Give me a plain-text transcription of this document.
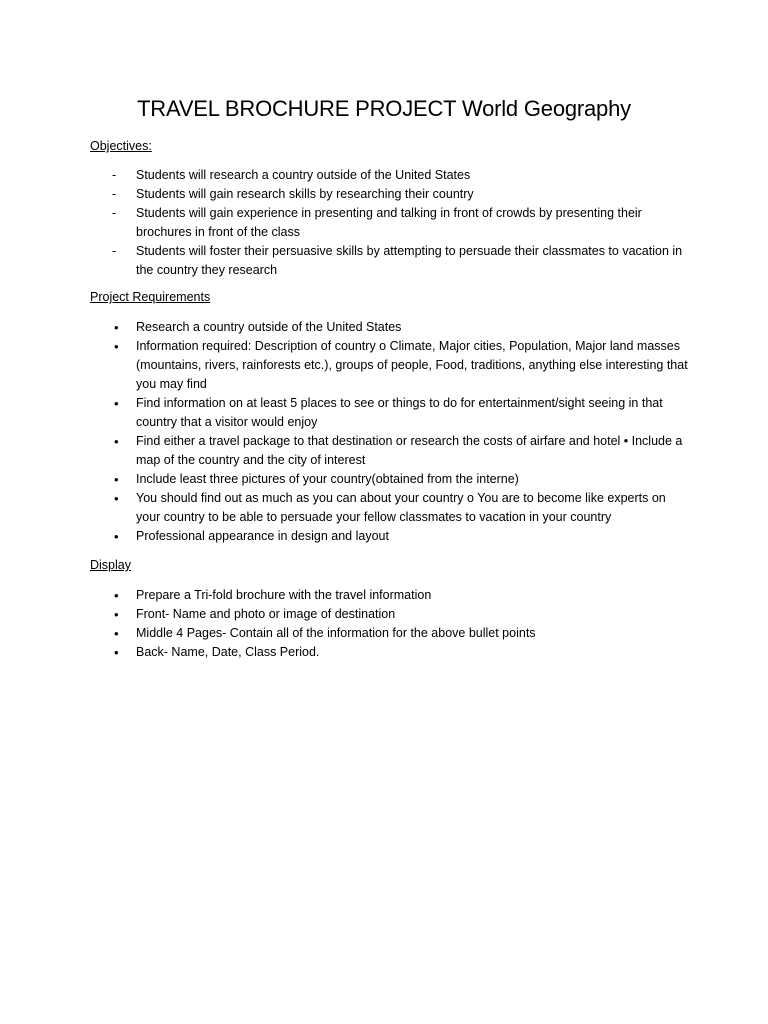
TRAVEL BROCHURE PROJECT World Geography
Objectives:
- Students will research a country outside of the United States
- Students will gain research skills by researching their country
- Students will gain experience in presenting and talking in front of crowds by presenting their brochures in front of the class
- Students will foster their persuasive skills by attempting to persuade their classmates to vacation in the country they research
Project Requirements
• Research a country outside of the United States
• Information required: Description of country o Climate, Major cities, Population, Major land masses (mountains, rivers, rainforests etc.), groups of people, Food, traditions, anything else interesting that you may find
• Find information on at least 5 places to see or things to do for entertainment/sight seeing in that country that a visitor would enjoy
• Find either a travel package to that destination or research the costs of airfare and hotel • Include a map of the country and the city of interest
• Include least three pictures of your country(obtained from the interne)
• You should find out as much as you can about your country o You are to become like experts on your country to be able to persuade your fellow classmates to vacation in your country
• Professional appearance in design and layout
Display
• Prepare a Tri-fold brochure with the travel information
• Front- Name and photo or image of destination
• Middle 4 Pages- Contain all of the information for the above bullet points
• Back- Name, Date, Class Period.
